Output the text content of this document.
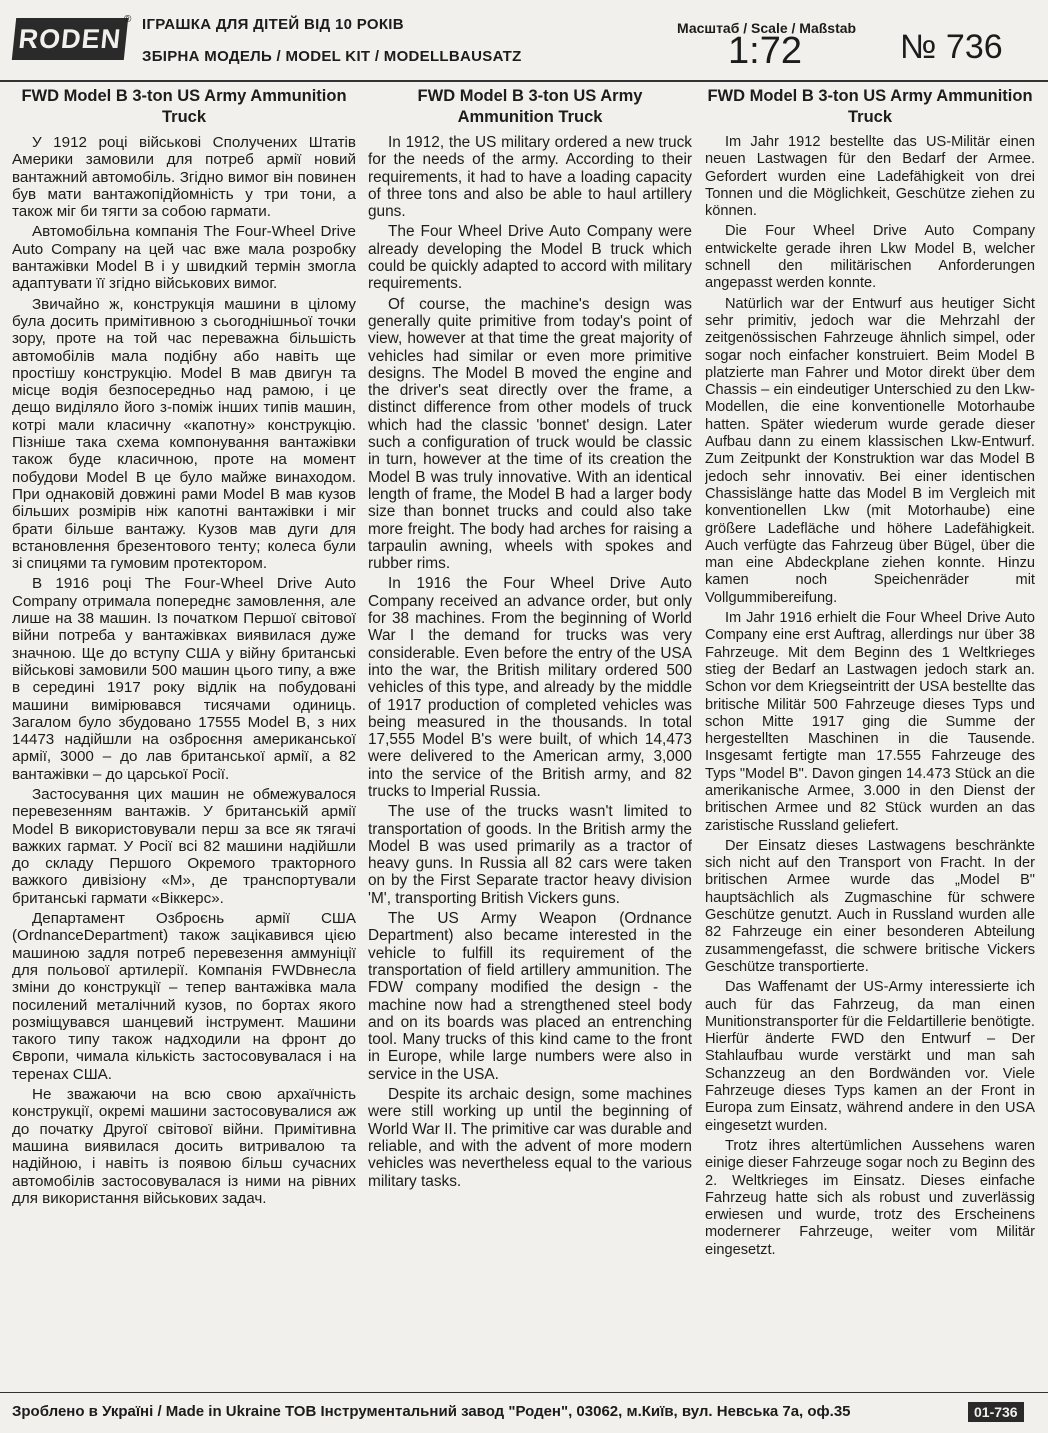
RODEN
® ІГРАШКА ДЛЯ ДІТЕЙ ВІД 10 РОКІВ
ЗБІРНА МОДЕЛЬ / MODEL KIT / MODELLBAUSATZ
Масштаб / Scale / Maßstab
1:72	№ 736
FWD Model B 3-ton US Army Ammunition Truck

У 1912 році військові Сполучених Штатів Америки замовили для потреб армії новий вантажний автомобіль. Згідно вимог він повинен був мати вантажопідйомність у три тони, а також міг би тягти за собою гармати.

Автомобільна компанія The Four-Wheel Drive Auto Company на цей час вже мала розробку вантажівки Model B і у швидкий термін змогла адаптувати її згідно військових вимог.

Звичайно ж, конструкція машини в цілому була досить примітивною з сьогоднішньої точки зору, проте на той час переважна більшість автомобілів мала подібну або навіть ще простішу конструкцію. Model B мав двигун та місце водія безпосередньо над рамою, і це дещо виділяло його з-поміж інших типів машин, котрі мали класичну «капотну» конструкцію. Пізніше така схема компонування вантажівки також буде класичною, проте на момент побудови Model B це було майже винаходом. При однаковій довжині рами Model B мав кузов більших розмірів ніж капотні вантажівки і міг брати більше вантажу. Кузов мав дуги для встановлення брезентового тенту; колеса були зі спицями та гумовим протектором.

В 1916 році The Four-Wheel Drive Auto Company отримала попереднє замовлення, але лише на 38 машин. Із початком Першої світової війни потреба у вантажівках виявилася дуже значною. Ще до вступу США у війну британські військові замовили 500 машин цього типу, а вже в середині 1917 року відлік на побудовані машини вимірювався тисячами одиниць. Загалом було збудовано 17555 Model B, з них 14473 надійшли на озброєння американської армії, 3000 – до лав британської армії, а 82 вантажівки – до царської Росії.

Застосування цих машин не обмежувалося перевезенням вантажів. У британській армії Model B використовували перш за все як тягачі важких гармат. У Росії всі 82 машини надійшли до складу Першого Окремого тракторного важкого дивізіону «М», де транспортували британські гармати «Віккерс».

Департамент Озброєнь армії США (OrdnanceDepartment) також зацікавився цією машиною задля потреб перевезення аммуніції для польової артилерії. Компанія FWDвнесла зміни до конструкції – тепер вантажівка мала посилений металічний кузов, по бортах якого розміщувався шанцевий інструмент. Машини такого типу також надходили на фронт до Європи, чимала кількість застосовувалася і на теренах США.

Не зважаючи на всю свою архаїчність конструкції, окремі машини застосовувалися аж до початку Другої світової війни. Примітивна машина виявилася досить витривалою та надійною, і навіть із появою більш сучасних автомобілів застосовувалася із ними на рівних для використання військових задач.

FWD Model B 3-ton US Army Ammunition Truck

In 1912, the US military ordered a new truck for the needs of the army. According to their requirements, it had to have a loading capacity of three tons and also be able to haul artillery guns.

The Four Wheel Drive Auto Company were already developing the Model B truck which could be quickly adapted to accord with military requirements.

Of course, the machine's design was generally quite primitive from today's point of view, however at that time the great majority of vehicles had similar or even more primitive designs. The Model B moved the engine and the driver's seat directly over the frame, a distinct difference from other models of truck which had the classic 'bonnet' design. Later such a configuration of truck would be classic in turn, however at the time of its creation the Model B was truly innovative. With an identical length of frame, the Model B had a larger body size than bonnet trucks and could also take more freight. The body had arches for raising a tarpaulin awning, wheels with spokes and rubber rims.

In 1916 the Four Wheel Drive Auto Company received an advance order, but only for 38 machines. From the beginning of World War I the demand for trucks was very considerable. Even before the entry of the USA into the war, the British military ordered 500 vehicles of this type, and already by the middle of 1917 production of completed vehicles was being measured in the thousands. In total 17,555 Model B's were built, of which 14,473 were delivered to the American army, 3,000 into the service of the British army, and 82 trucks to Imperial Russia.

The use of the trucks wasn't limited to transportation of goods. In the British army the Model B was used primarily as a tractor of heavy guns. In Russia all 82 cars were taken on by the First Separate tractor heavy division 'M', transporting British Vickers guns.

The US Army Weapon (Ordnance Department) also became interested in the vehicle to fulfill its requirement of the transportation of field artillery ammunition. The FDW company modified the design - the machine now had a strengthened steel body and on its boards was placed an entrenching tool. Many trucks of this kind came to the front in Europe, while large numbers were also in service in the USA.

Despite its archaic design, some machines were still working up until the beginning of World War II. The primitive car was durable and reliable, and with the advent of more modern vehicles was nevertheless equal to the various military tasks.

FWD Model B 3-ton US Army Ammunition Truck

Im Jahr 1912 bestellte das US-Militär einen neuen Lastwagen für den Bedarf der Armee. Gefordert wurden eine Ladefähigkeit von drei Tonnen und die Möglichkeit, Geschütze ziehen zu können.

Die Four Wheel Drive Auto Company entwickelte gerade ihren Lkw Model B, welcher schnell den militärischen Anforderungen angepasst werden konnte.

Natürlich war der Entwurf aus heutiger Sicht sehr primitiv, jedoch war die Mehrzahl der zeitgenössischen Fahrzeuge ähnlich simpel, oder sogar noch einfacher konstruiert. Beim Model B platzierte man Fahrer und Motor direkt über dem Chassis – ein eindeutiger Unterschied zu den Lkw-Modellen, die eine konventionelle Motorhaube hatten. Später wiederum wurde gerade dieser Aufbau dann zu einem klassischen Lkw-Entwurf. Zum Zeitpunkt der Konstruktion war das Model B jedoch sehr innovativ. Bei einer identischen Chassislänge hatte das Model B im Vergleich mit konventionellen Lkw (mit Motorhaube) eine größere Ladefläche und höhere Ladefähigkeit. Auch verfügte das Fahrzeug über Bügel, über die man eine Abdeckplane ziehen konnte. Hinzu kamen noch Speichenräder mit Vollgummibereifung.

Im Jahr 1916 erhielt die Four Wheel Drive Auto Company eine erst Auftrag, allerdings nur über 38 Fahrzeuge. Mit dem Beginn des 1 Weltkrieges stieg der Bedarf an Lastwagen jedoch stark an. Schon vor dem Kriegseintritt der USA bestellte das britische Militär 500 Fahrzeuge dieses Typs und schon Mitte 1917 ging die Summe der hergestellten Maschinen in die Tausende. Insgesamt fertigte man 17.555 Fahrzeuge des Typs "Model B". Davon gingen 14.473 Stück an die amerikanische Armee, 3.000 in den Dienst der britischen Armee und 82 Stück wurden an das zaristische Russland geliefert.

Der Einsatz dieses Lastwagens beschränkte sich nicht auf den Transport von Fracht. In der britischen Armee wurde das „Model B" hauptsächlich als Zugmaschine für schwere Geschütze genutzt. Auch in Russland wurden alle 82 Fahrzeuge ein einer besonderen Abteilung zusammengefasst, die schwere britische Vickers Geschütze transportierte.

Das Waffenamt der US-Army interessierte ich auch für das Fahrzeug, da man einen Munitionstransporter für die Feldartillerie benötigte. Hierfür änderte FWD den Entwurf – Der Stahlaufbau wurde verstärkt und man sah Schanzzeug an den Bordwänden vor. Viele Fahrzeuge dieses Typs kamen an der Front in Europa zum Einsatz, während andere in den USA eingesetzt wurden.

Trotz ihres altertümlichen Aussehens waren einige dieser Fahrzeuge sogar noch zu Beginn des 2. Weltkrieges im Einsatz. Dieses einfache Fahrzeug hatte sich als robust und zuverlässig erwiesen und wurde, trotz des Erscheinens modernerer Fahrzeuge, weiter vom Militär eingesetzt.

Зроблено в Україні / Made in Ukraine ТОВ Інструментальний завод "Роден", 03062, м.Київ, вул. Невська 7а, оф.35	01-736
